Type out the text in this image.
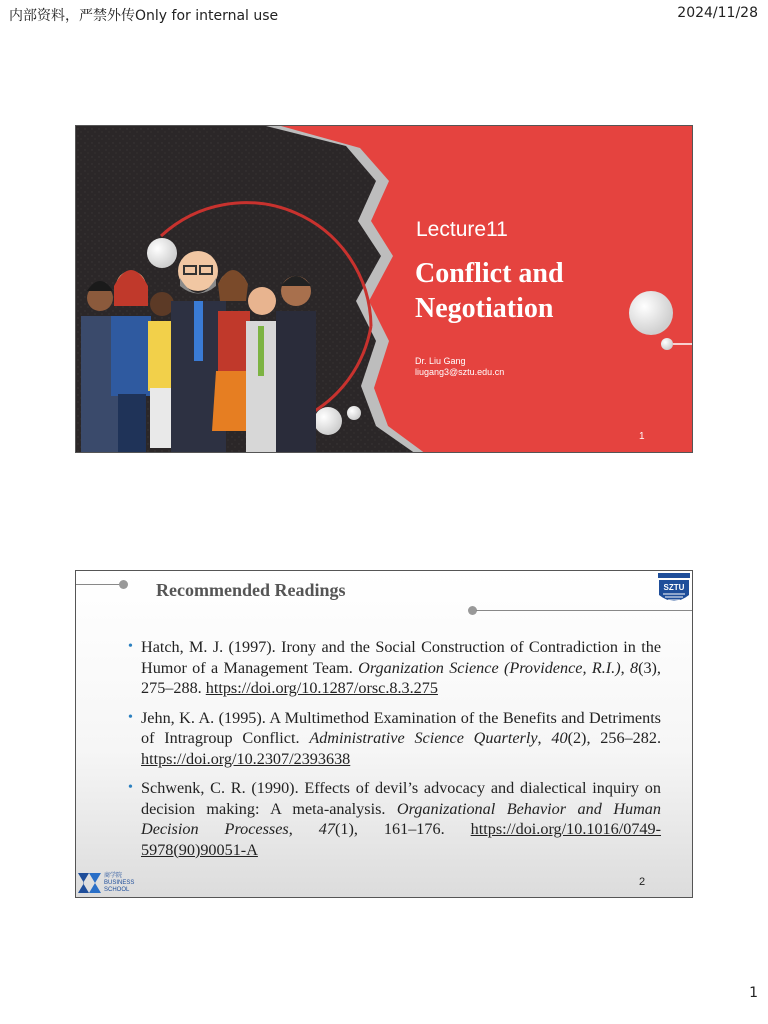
内部资料，严禁外传Only for internal use	2024/11/28
Lecture11
Conflict and
Negotiation
Dr. Liu Gang
liugang3@sztu.edu.cn
1
Recommended Readings	SZTU
• Hatch, M. J. (1997). Irony and the Social Construction of Contradiction in the Humor of a Management Team. Organization Science (Providence, R.I.), 8(3), 275–288. https://doi.org/10.1287/orsc.8.3.275
• Jehn, K. A. (1995). A Multimethod Examination of the Benefits and Detriments of Intragroup Conflict. Administrative Science Quarterly, 40(2), 256–282. https://doi.org/10.2307/2393638
• Schwenk, C. R. (1990). Effects of devil’s advocacy and dialectical inquiry on decision making: A meta-analysis. Organizational Behavior and Human Decision Processes, 47(1), 161–176. https://doi.org/10.1016/0749-5978(90)90051-A
商学院
BUSINESS
SCHOOL
2
1
